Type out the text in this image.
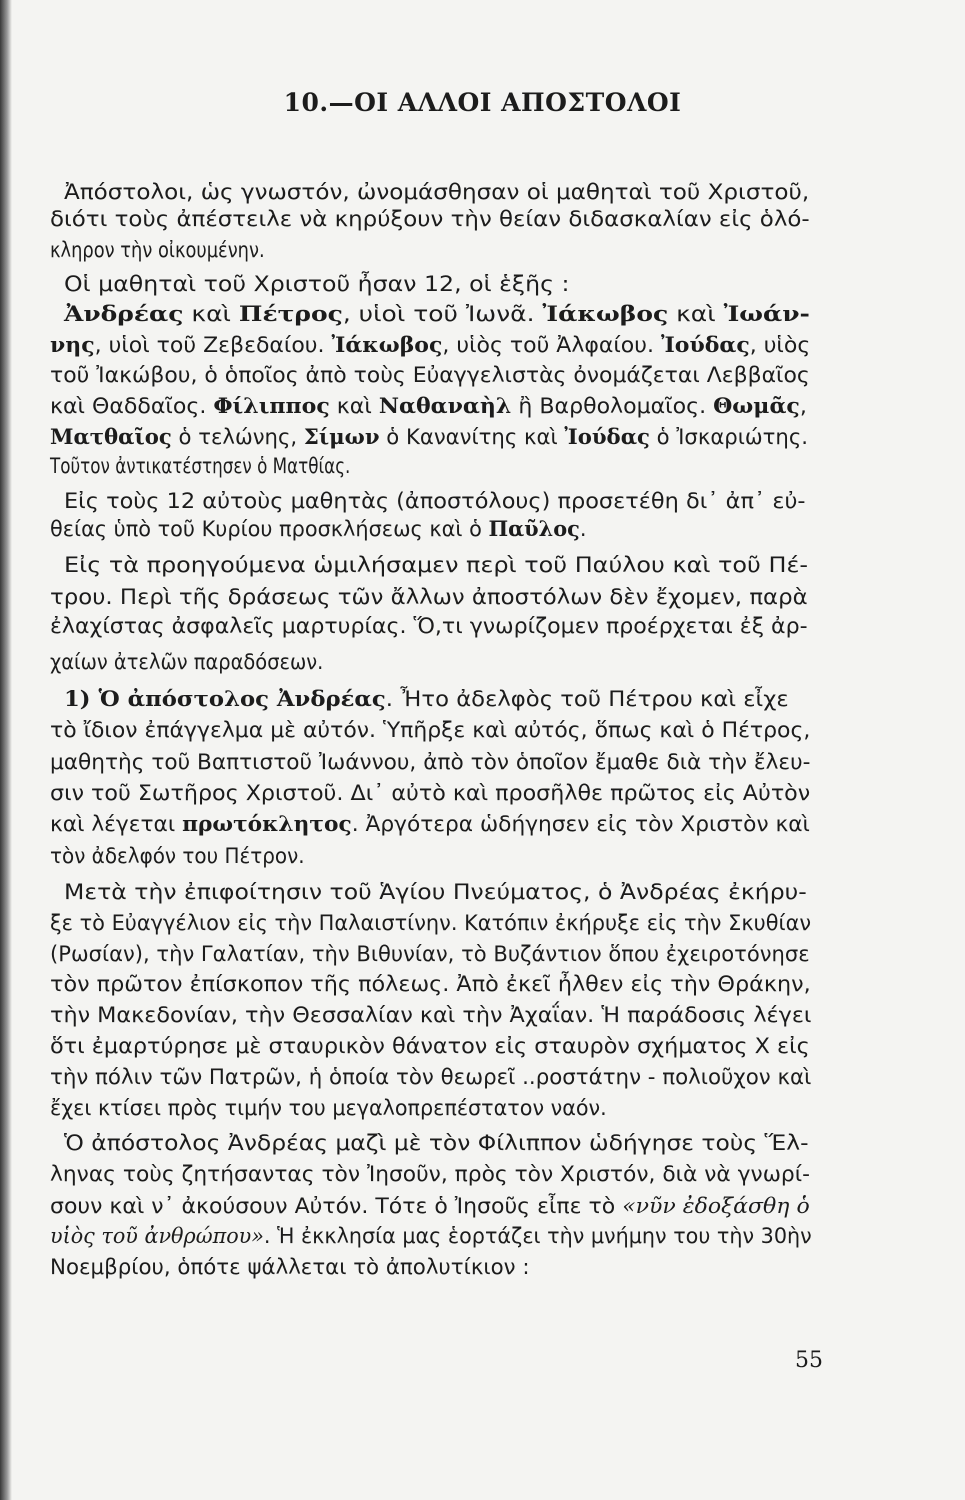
10.—ΟΙ ΑΛΛΟΙ ΑΠΟΣΤΟΛΟΙ
Ἀπόστολοι, ὡς γνωστόν, ὠνομάσθησαν οἱ μαθηταὶ τοῦ Χριστοῦ,
διότι τοὺς ἀπέστειλε νὰ κηρύξουν τὴν θείαν διδασκαλίαν εἰς ὁλό-
κληρον τὴν οἰκουμένην.
Οἱ μαθηταὶ τοῦ Χριστοῦ ἦσαν 12, οἱ ἑξῆς :
Ἀνδρέας καὶ Πέτρος, υἱοὶ τοῦ Ἰωνᾶ. Ἰάκωβος καὶ Ἰωάν-
νης, υἱοὶ τοῦ Ζεβεδαίου. Ἰάκωβος, υἱὸς τοῦ Ἀλφαίου. Ἰούδας, υἱὸς
τοῦ Ἰακώβου, ὁ ὁποῖος ἀπὸ τοὺς Εὐαγγελιστὰς ὀνομάζεται Λεββαῖος
καὶ Θαδδαῖος. Φίλιππος καὶ Ναθαναὴλ ἢ Βαρθολομαῖος. Θωμᾶς,
Ματθαῖος ὁ τελώνης, Σίμων ὁ Κανανίτης καὶ Ἰούδας ὁ Ἰσκαριώτης.
Τοῦτον ἀντικατέστησεν ὁ Ματθίας.
Εἰς τοὺς 12 αὐτοὺς μαθητὰς (ἀποστόλους) προσετέθη δι᾿ ἀπ᾿ εὐ-
θείας ὑπὸ τοῦ Κυρίου προσκλήσεως καὶ ὁ Παῦλος.
Εἰς τὰ προηγούμενα ὡμιλήσαμεν περὶ τοῦ Παύλου καὶ τοῦ Πέ-
τρου. Περὶ τῆς δράσεως τῶν ἄλλων ἀποστόλων δὲν ἔχομεν, παρὰ
ἐλαχίστας ἀσφαλεῖς μαρτυρίας. Ὅ,τι γνωρίζομεν προέρχεται ἐξ ἀρ-
χαίων ἀτελῶν παραδόσεων.
1) Ὁ ἀπόστολος Ἀνδρέας. Ἦτο ἀδελφὸς τοῦ Πέτρου καὶ εἶχε
τὸ ἴδιον ἐπάγγελμα μὲ αὐτόν. Ὑπῆρξε καὶ αὐτός, ὅπως καὶ ὁ Πέτρος,
μαθητὴς τοῦ Βαπτιστοῦ Ἰωάννου, ἀπὸ τὸν ὁποῖον ἔμαθε διὰ τὴν ἔλευ-
σιν τοῦ Σωτῆρος Χριστοῦ. Δι᾿ αὐτὸ καὶ προσῆλθε πρῶτος εἰς Αὐτὸν
καὶ λέγεται πρωτόκλητος. Ἀργότερα ὡδήγησεν εἰς τὸν Χριστὸν καὶ
τὸν ἀδελφόν του Πέτρον.
Μετὰ τὴν ἐπιφοίτησιν τοῦ Ἁγίου Πνεύματος, ὁ Ἀνδρέας ἐκήρυ-
ξε τὸ Εὐαγγέλιον εἰς τὴν Παλαιστίνην. Κατόπιν ἐκήρυξε εἰς τὴν Σκυθίαν
(Ρωσίαν), τὴν Γαλατίαν, τὴν Βιθυνίαν, τὸ Βυζάντιον ὅπου ἐχειροτόνησε
τὸν πρῶτον ἐπίσκοπον τῆς πόλεως. Ἀπὸ ἐκεῖ ἦλθεν εἰς τὴν Θράκην,
τὴν Μακεδονίαν, τὴν Θεσσαλίαν καὶ τὴν Ἀχαΐαν. Ἡ παράδοσις λέγει
ὅτι ἐμαρτύρησε μὲ σταυρικὸν θάνατον εἰς σταυρὸν σχήματος Χ εἰς
τὴν πόλιν τῶν Πατρῶν, ἡ ὁποία τὸν θεωρεῖ ..ροστάτην - πολιοῦχον καὶ
ἔχει κτίσει πρὸς τιμήν του μεγαλοπρεπέστατον ναόν.
Ὁ ἀπόστολος Ἀνδρέας μαζὶ μὲ τὸν Φίλιππον ὡδήγησε τοὺς Ἕλ-
ληνας τοὺς ζητήσαντας τὸν Ἰησοῦν, πρὸς τὸν Χριστόν, διὰ νὰ γνωρί-
σουν καὶ ν᾿ ἀκούσουν Αὐτόν. Τότε ὁ Ἰησοῦς εἶπε τὸ «νῦν ἐδοξάσθη ὁ
υἱὸς τοῦ ἀνθρώπου». Ἡ ἐκκλησία μας ἑορτάζει τὴν μνήμην του τὴν 30ὴν
Νοεμβρίου, ὁπότε ψάλλεται τὸ ἀπολυτίκιον :
55
